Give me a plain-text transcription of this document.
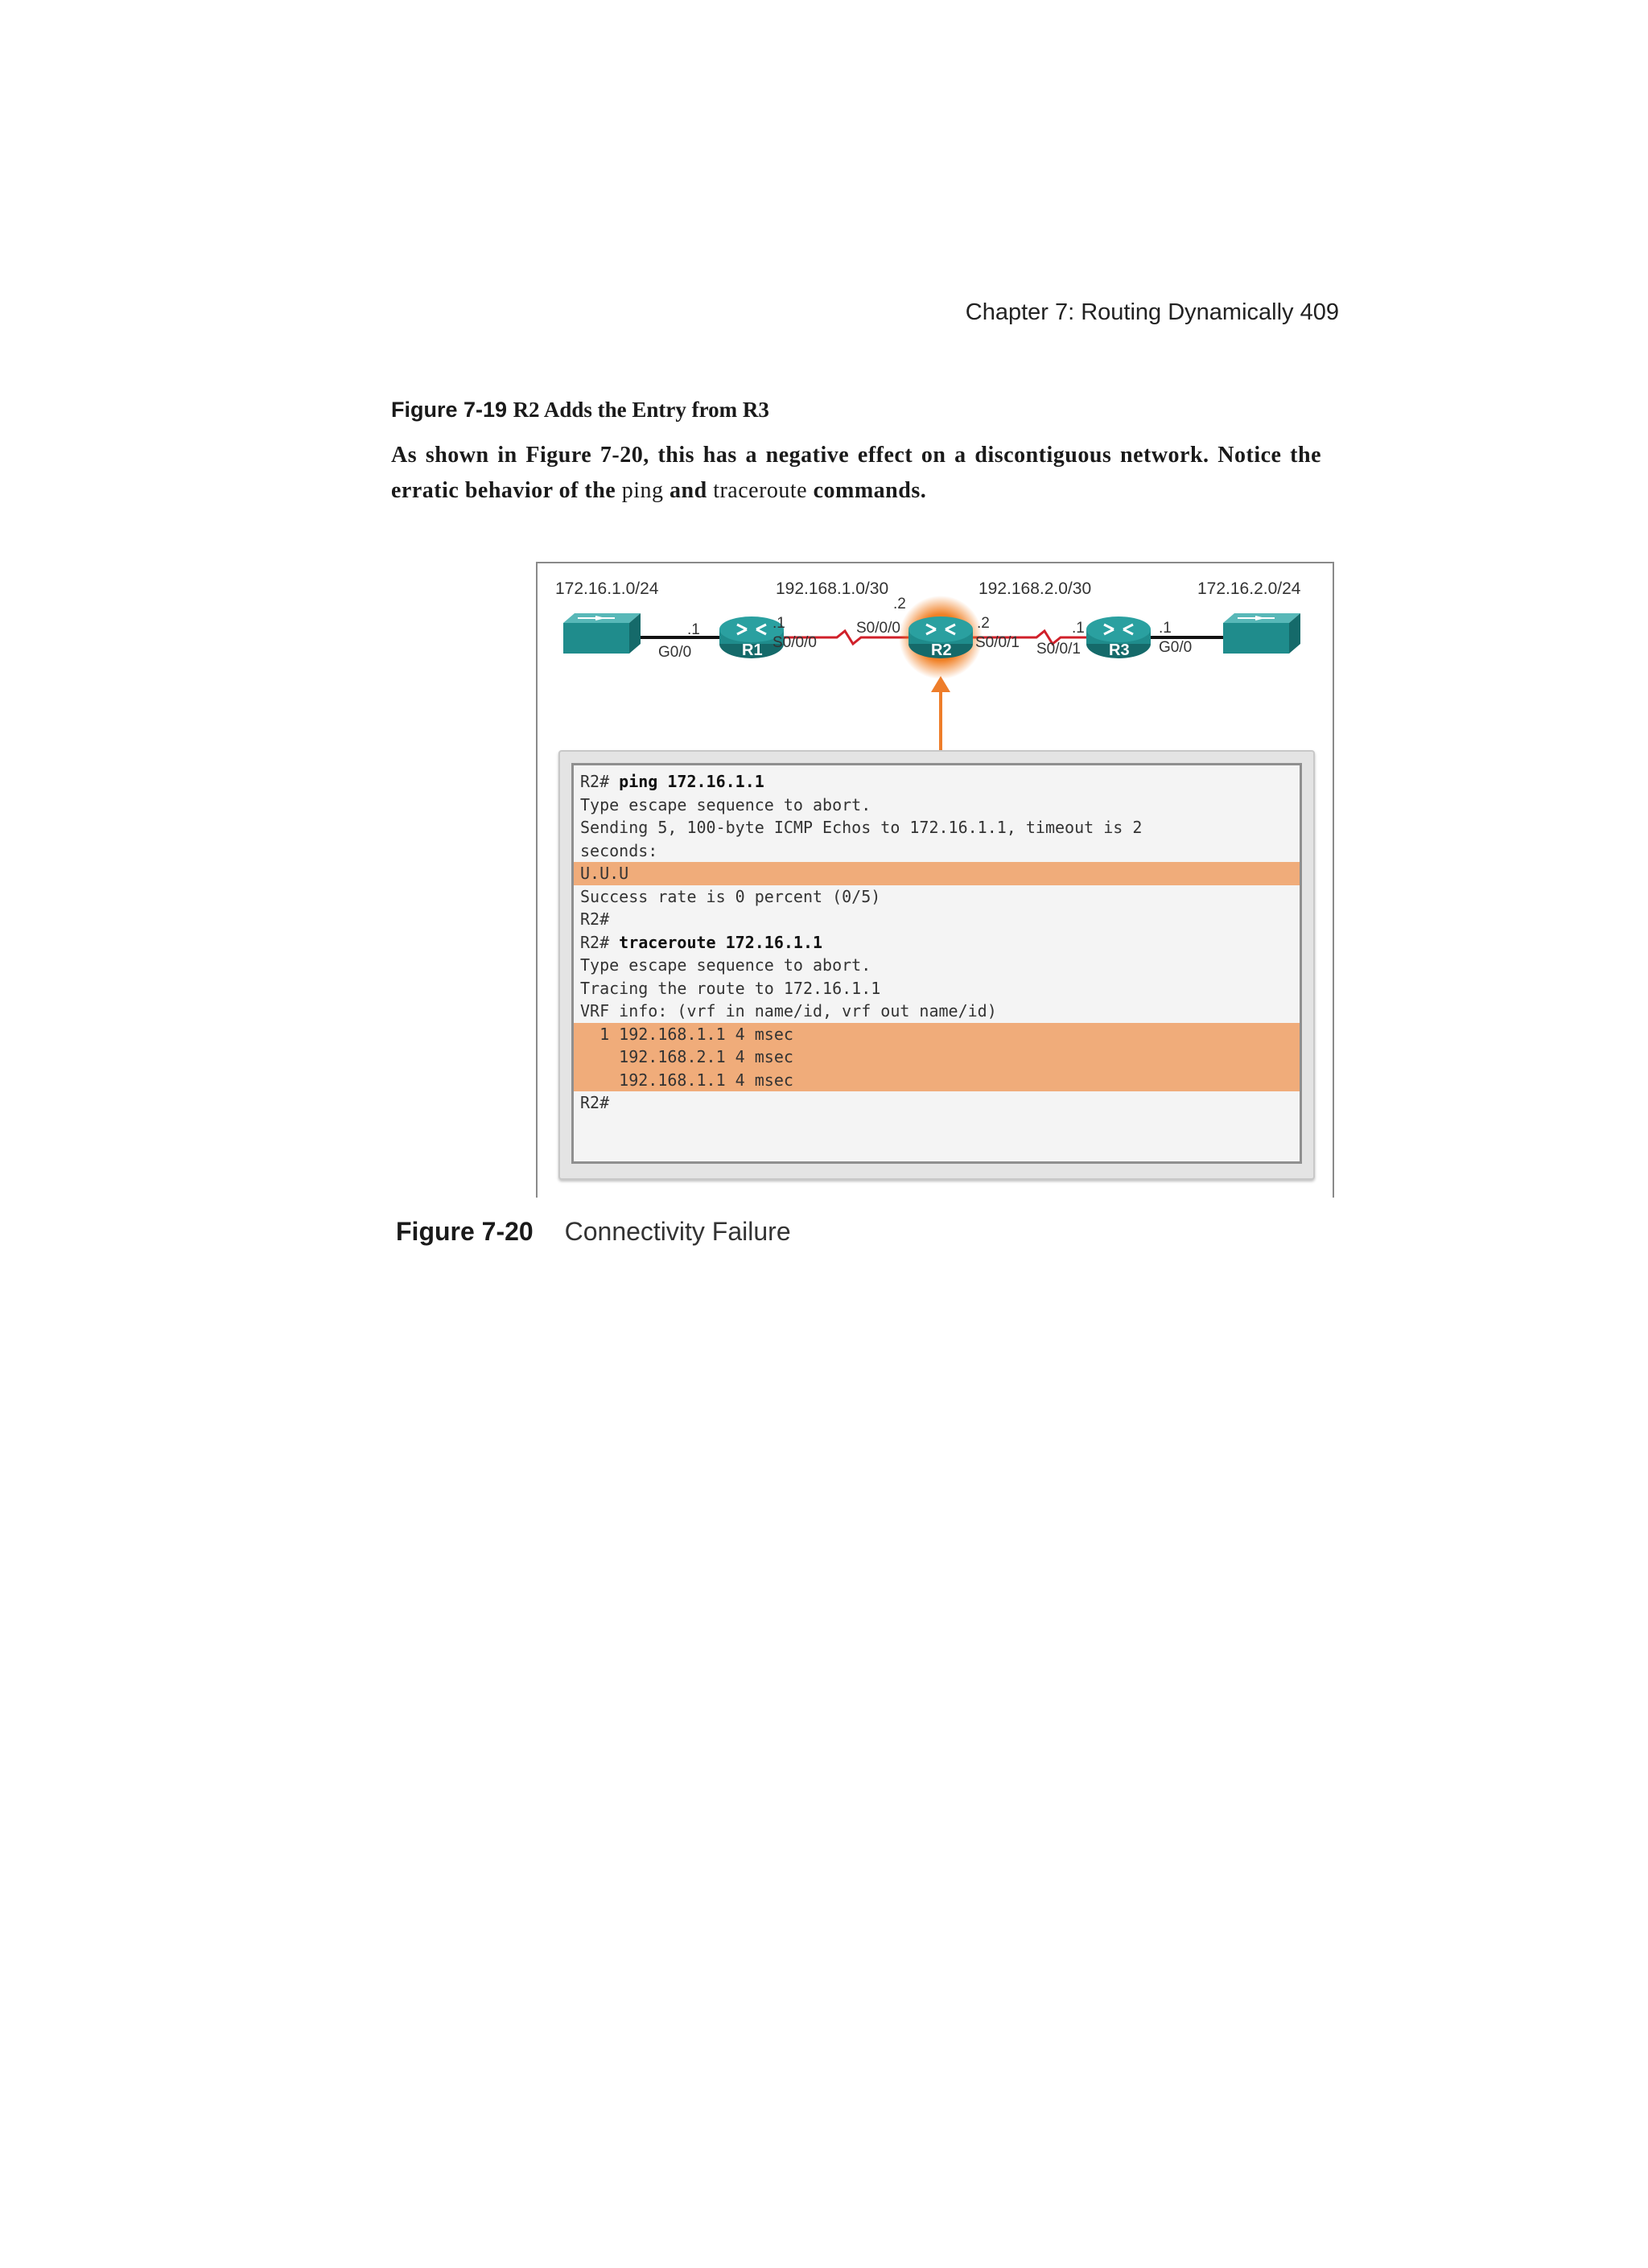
Chapter 7: Routing Dynamically 409
Figure 7-19 R2 Adds the Entry from R3
As shown in Figure 7-20, this has a negative effect on a discontiguous network. Notice the erratic behavior of the ping and traceroute commands.
172.16.1.0/24	192.168.1.0/30	192.168.2.0/30	172.16.2.0/24
R1	R2	R3
.1
G0/0
.1
S0/0/0
.2
S0/0/0	.2
S0/0/1
.1
S0/0/1
.1
G0/0
R2# ping 172.16.1.1
Type escape sequence to abort.
Sending 5, 100-byte ICMP Echos to 172.16.1.1, timeout is 2
seconds:
U.U.U
Success rate is 0 percent (0/5)
R2#
R2# traceroute 172.16.1.1
Type escape sequence to abort.
Tracing the route to 172.16.1.1
VRF info: (vrf in name/id, vrf out name/id)
1 192.168.1.1 4 msec
192.168.2.1 4 msec
192.168.1.1 4 msec
R2#
Figure 7-20 Connectivity Failure
